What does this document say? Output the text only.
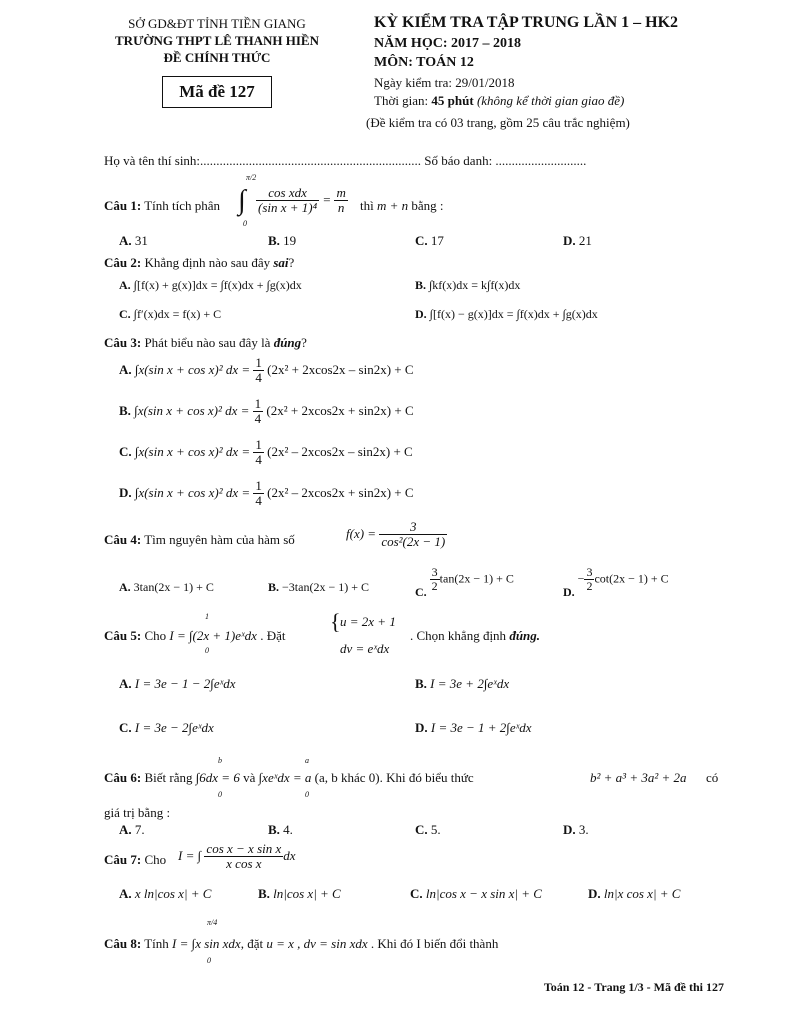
SỞ GD&ĐT TỈNH TIỀN GIANG
TRƯỜNG THPT LÊ THANH HIỀN
ĐỀ CHÍNH THỨC
Mã đề 127
KỲ KIỂM TRA TẬP TRUNG LẦN 1 – HK2
NĂM HỌC: 2017 – 2018
MÔN: TOÁN 12
Ngày kiểm tra: 29/01/2018
Thời gian: 45 phút (không kể thời gian giao đề)
(Đề kiểm tra có 03 trang, gồm 25 câu trắc nghiệm)
Họ và tên thí sinh:.................................................................... Số báo danh: ............................
Câu 1: Tính tích phân
π/2
∫
0
$\frac{\text{cos xdx}}{\text{(sin x + 1)⁴}} = \frac{m}{n}$ thì m + n bằng :
A. 31	B. 19	C. 17	D. 21
Câu 2: Khẳng định nào sau đây sai?
A. ∫[f(x) + g(x)]dx = ∫f(x)dx + ∫g(x)dx	B. ∫kf(x)dx = k∫f(x)dx
C. ∫f′(x)dx = f(x) + C	D. ∫[f(x) − g(x)]dx = ∫f(x)dx + ∫g(x)dx
Câu 3: Phát biểu nào sau đây là đúng?
A. ∫x(sin x + cos x)² dx = $\frac{1}{4} (2x^2 + 2xcos2x - \sin 2x) + C$
B. ∫x(sin x + cos x)² dx = $\frac{1}{4} (2x^2 + 2xcos2x + \sin 2x) + C$
C. ∫x(sin x + cos x)² dx = $\frac{1}{4} (2x^2 - 2xcos2x - \sin 2x) + C$
D. ∫x(sin x + cos x)² dx = $\frac{1}{4} (2x^2 - 2xcos2x + \sin 2x) + C$
Câu 4: Tìm nguyên hàm của hàm số	$f(x) = \frac{3}{\text{cos²(2x − 1)}}$
A. 3tan(2x − 1) + C	B. −3tan(2x − 1) + C	C. $\frac{3}{2} \tan(2x - 1) + C$
D. − $\frac{3}{2} \cot(2x - 1) + C$
Câu 5: Cho I = ∫(2x + 1)eˣdx . Đặt
1
0
{ u = 2x + 1
dv = eˣdx
. Chọn khẳng định đúng.
A. I = 3e − 1 − 2∫eˣdx	B. I = 3e + 2∫eˣdx
C. I = 3e − 2∫eˣdx	D. I = 3e − 1 + 2∫eˣdx
Câu 6: Biết rằng ∫6dx = 6 và ∫xeˣdx = a (a, b khác 0). Khi đó biểu thức
b
0
a
0
b² + a³ + 3a² + 2a có
giá trị bằng :
A. 7.	B. 4.	C. 5.	D. 3.
Câu 7: Cho I = ∫ $\frac{\text{cos x − x sin x}}{\text{x cos x}}$ dx
A. x ln|cos x| + C	B. ln|cos x| + C	C. ln|cos x − x sin x| + C	D. ln|x cos x| + C
Câu 8: Tính I = ∫x sin xdx, đặt u = x , dv = sin xdx . Khi đó I biến đổi thành
π/4
0
Toán 12 - Trang 1/3 - Mã đề thi 127
